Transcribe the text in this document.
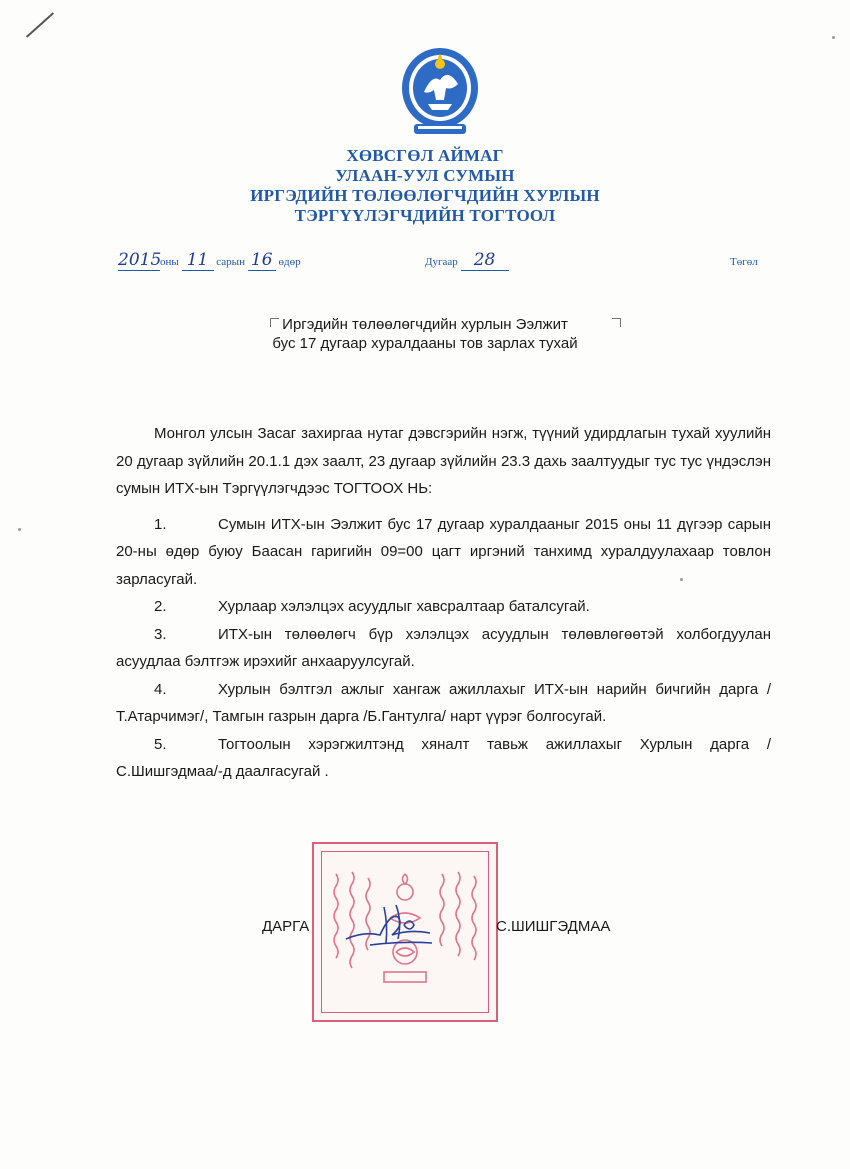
ХӨВСГӨЛ АЙМАГ
УЛААН-УУЛ СУМЫН
ИРГЭДИЙН ТӨЛӨӨЛӨГЧДИЙН ХУРЛЫН
ТЭРГҮҮЛЭГЧДИЙН ТОГТООЛ
2015оны 11 сарын 16 өдөр	Дугаар 28	Төгөл
Иргэдийн төлөөлөгчдийн хурлын Ээлжит
бус 17 дугаар хуралдааны тов зарлах тухай

Монгол улсын Засаг захиргаа нутаг дэвсгэрийн нэгж, түүний удирдлагын тухай хуулийн 20 дугаар зүйлийн 20.1.1 дэх заалт, 23 дугаар зүйлийн 23.3 дахь заалтуудыг тус тус үндэслэн сумын ИТХ-ын Тэргүүлэгчдээс ТОГТООХ НЬ:

1.	Сумын ИТХ-ын Ээлжит бус 17 дугаар хуралдааныг 2015 оны 11 дүгээр сарын 20-ны өдөр буюу Баасан гаригийн 09=00 цагт иргэний танхимд хуралдуулахаар товлон зарласугай.

2.	Хурлаар хэлэлцэх асуудлыг хавсралтаар баталсугай.

3.	ИТХ-ын төлөөлөгч бүр хэлэлцэх асуудлын төлөвлөгөөтэй холбогдуулан асуудлаа бэлтгэж ирэхийг анхааруулсугай.

4.	Хурлын бэлтгэл ажлыг хангаж ажиллахыг ИТХ-ын нарийн бичгийн дарга /Т.Атарчимэг/, Тамгын газрын дарга /Б.Гантулга/ нарт үүрэг болгосугай.

5.	Тогтоолын хэрэгжилтэнд хяналт тавьж ажиллахыг Хурлын дарга /С.Шишгэдмаа/-д даалгасугай .

ДАРГА	С.ШИШГЭДМАА
